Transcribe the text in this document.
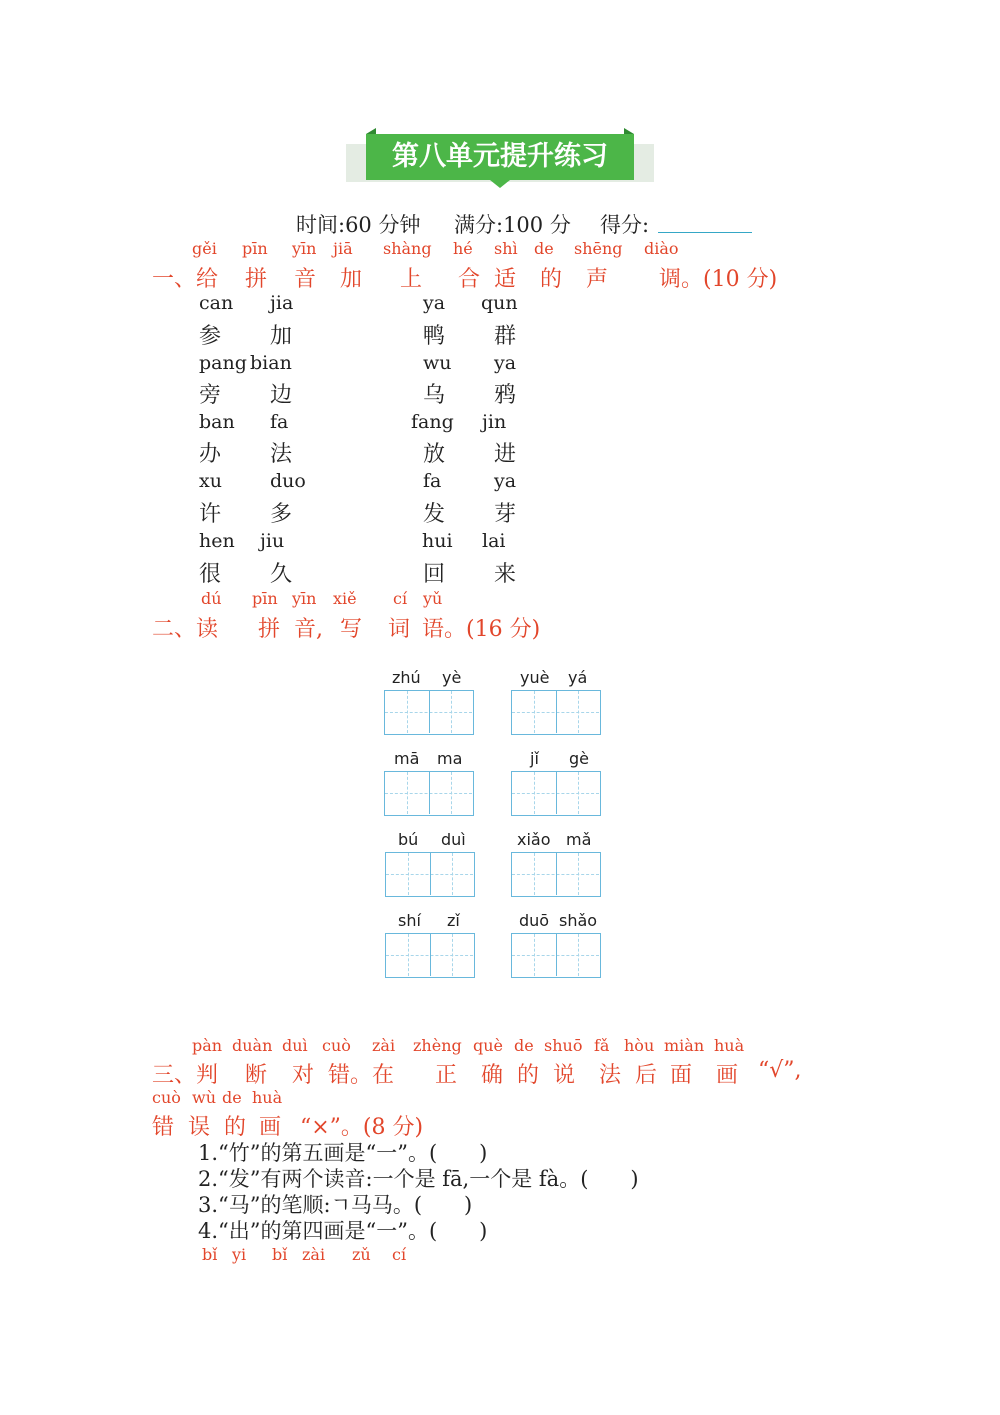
第八单元提升练习
时间:60 分钟 满分:100 分 得分:
gěi pīn yīn jiā shàng hé shì de shēng diào
一、给 拼 音 加 上 合 适 的 声 调。(10 分)
can jia	ya qun
参 加	鸭 群
pang bian	wu ya
旁 边	乌 鸦
ban fa	fang jin
办 法	放 进
xu	duo	fa	ya
许 多	发 芽
hen jiu	hui lai
很 久	回 来
dú pīn yīn xiě cí yǔ
二、读 拼 音, 写 词 语。(16 分)
zhú yè	yuè yá
mā ma	jǐ gè
bú duì	xiǎo mǎ
shí zǐ	duō shǎo
pàn duàn duì cuò zài zhèng què de shuō fǎ hòu miàn huà
三、判 断 对 错。在 正 确 的 说 法 后 面 画 “√”,
cuò wù de huà
错 误 的 画 “×”。(8 分)
1.“竹”的第五画是“一”。(　　)
2.“发”有两个读音:一个是 fā,一个是 fà。(　　)
3.“马”的笔顺:ㄱ马马。(　　)
4.“出”的第四画是“一”。(　　)
bǐ yi bǐ zài zǔ cí
